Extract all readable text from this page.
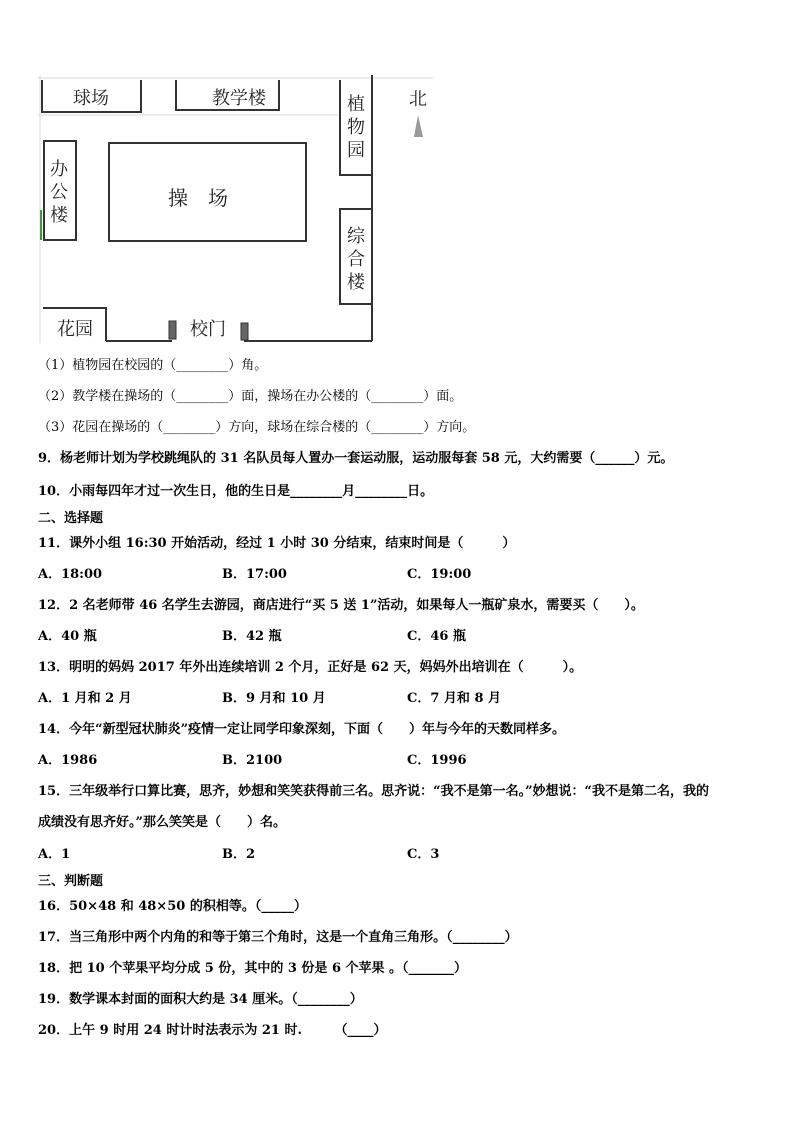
球场	教学楼	植物园
北
办公楼
操　场
综合楼
花园	校门
（1）植物园在校园的（________）角。
（2）教学楼在操场的（________）面，操场在办公楼的（________）面。
（3）花园在操场的（________）方向，球场在综合楼的（________）方向。
9．杨老师计划为学校跳绳队的 31 名队员每人置办一套运动服，运动服每套 58 元，大约需要（______）元。
10．小雨每四年才过一次生日，他的生日是________月________日。
二、选择题
11．课外小组 16:30 开始活动，经过 1 小时 30 分结束，结束时间是（　　　）
A．18:00	B．17:00	C．19:00
12．2 名老师带 46 名学生去游园，商店进行“买 5 送 1”活动，如果每人一瓶矿泉水，需要买（　　）。
A．40 瓶	B．42 瓶	C．46 瓶
13．明明的妈妈 2017 年外出连续培训 2 个月，正好是 62 天，妈妈外出培训在（　　　）。
A．1 月和 2 月	B．9 月和 10 月	C．7 月和 8 月
14．今年“新型冠状肺炎”疫情一定让同学印象深刻，下面（　　）年与今年的天数同样多。
A．1986	B．2100	C．1996
15．三年级举行口算比赛，思齐，妙想和笑笑获得前三名。思齐说：“我不是第一名。”妙想说：“我不是第二名，我的
成绩没有思齐好。”那么笑笑是（　　）名。
A．1	B．2	C．3
三、判断题
16．50×48 和 48×50 的积相等。（_____）
17．当三角形中两个内角的和等于第三个角时，这是一个直角三角形。（________）
18．把 10 个苹果平均分成 5 份，其中的 3 份是 6 个苹果 。（_______）
19．数学课本封面的面积大约是 34 厘米。（________）
20．上午 9 时用 24 时计时法表示为 21 时.　　　（____）
